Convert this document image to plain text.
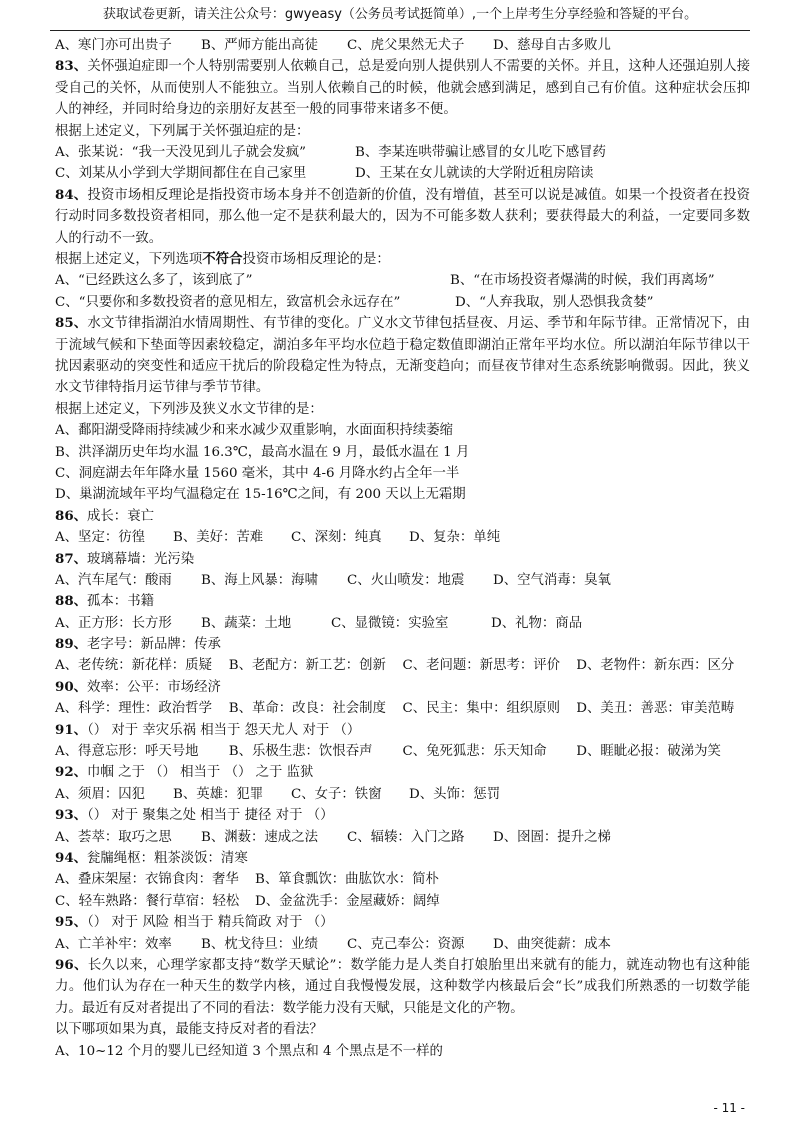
获取试卷更新，请关注公众号：gwyeasy（公务员考试挺简单）,一个上岸考生分享经验和答疑的平台。
A、寒门亦可出贵子	B、严师方能出高徒	C、虎父果然无犬子	D、慈母自古多败儿
83、关怀强迫症即一个人特别需要别人依赖自己，总是爱向别人提供别人不需要的关怀。并且，这种人还强迫别人接受自己的关怀，从而使别人不能独立。当别人依赖自己的时候，他就会感到满足，感到自己有价值。这种症状会压抑人的神经，并同时给身边的亲朋好友甚至一般的同事带来诸多不便。
根据上述定义，下列属于关怀强迫症的是：
A、张某说：“我一天没见到儿子就会发疯”	B、李某连哄带骗让感冒的女儿吃下感冒药
C、刘某从小学到大学期间都住在自己家里	D、王某在女儿就读的大学附近租房陪读
84、投资市场相反理论是指投资市场本身并不创造新的价值，没有增值，甚至可以说是减值。如果一个投资者在投资行动时同多数投资者相同，那么他一定不是获利最大的，因为不可能多数人获利；要获得最大的利益，一定要同多数人的行动不一致。
根据上述定义，下列选项不符合投资市场相反理论的是：
A、“已经跌这么多了，该到底了”	B、“在市场投资者爆满的时候，我们再离场”
C、“只要你和多数投资者的意见相左，致富机会永远存在”	D、“人弃我取，别人恐惧我贪婪”
85、水文节律指湖泊水情周期性、有节律的变化。广义水文节律包括昼夜、月运、季节和年际节律。正常情况下，由于流域气候和下垫面等因素较稳定，湖泊多年平均水位趋于稳定数值即湖泊正常年平均水位。所以湖泊年际节律以干扰因素驱动的突变性和适应干扰后的阶段稳定性为特点，无渐变趋向；而昼夜节律对生态系统影响微弱。因此，狭义水文节律特指月运节律与季节节律。
根据上述定义，下列涉及狭义水文节律的是：
A、鄱阳湖受降雨持续减少和来水减少双重影响，水面面积持续萎缩
B、洪泽湖历史年均水温 16.3℃，最高水温在 9 月，最低水温在 1 月
C、洞庭湖去年年降水量 1560 毫米，其中 4-6 月降水约占全年一半
D、巢湖流域年平均气温稳定在 15-16℃之间，有 200 天以上无霜期
86、成长：衰亡
A、坚定：彷徨	B、美好：苦难	C、深刻：纯真	D、复杂：单纯
87、玻璃幕墙：光污染
A、汽车尾气：酸雨	B、海上风暴：海啸	C、火山喷发：地震	D、空气消毒：臭氧
88、孤本：书籍
A、正方形：长方形	B、蔬菜：土地	C、显微镜：实验室	D、礼物：商品
89、老字号：新品牌：传承
A、老传统：新花样：质疑	B、老配方：新工艺：创新	C、老问题：新思考：评价	D、老物件：新东西：区分
90、效率：公平：市场经济
A、科学：理性：政治哲学	B、革命：改良：社会制度	C、民主：集中：组织原则	D、美丑：善恶：审美范畴
91、（） 对于 幸灾乐祸 相当于 怨天尤人 对于 （）
A、得意忘形：呼天号地	B、乐极生悲：饮恨吞声	C、兔死狐悲：乐天知命	D、睚眦必报：破涕为笑
92、巾帼 之于 （） 相当于 （） 之于 监狱
A、须眉：囚犯	B、英雄：犯罪	C、女子：铁窗	D、头饰：惩罚
93、（） 对于 聚集之处 相当于 捷径 对于 （）
A、荟萃：取巧之思	B、渊薮：速成之法	C、辐辏：入门之路	D、囹圄：提升之梯
94、瓮牖绳枢：粗茶淡饭：清寒
A、叠床架屋：衣锦食肉：奢华	B、箪食瓢饮：曲肱饮水：简朴
C、轻车熟路：餐行草宿：轻松	D、金盆洗手：金屋藏娇：阔绰
95、（） 对于 风险 相当于 精兵简政 对于 （）
A、亡羊补牢：效率	B、枕戈待旦：业绩	C、克己奉公：资源	D、曲突徙薪：成本
96、长久以来，心理学家都支持“数学天赋论”：数学能力是人类自打娘胎里出来就有的能力，就连动物也有这种能力。他们认为存在一种天生的数学内核，通过自我慢慢发展，这种数学内核最后会“长”成我们所熟悉的一切数学能力。最近有反对者提出了不同的看法：数学能力没有天赋，只能是文化的产物。
以下哪项如果为真，最能支持反对者的看法？
A、10~12 个月的婴儿已经知道 3 个黑点和 4 个黑点是不一样的
- 11 -
